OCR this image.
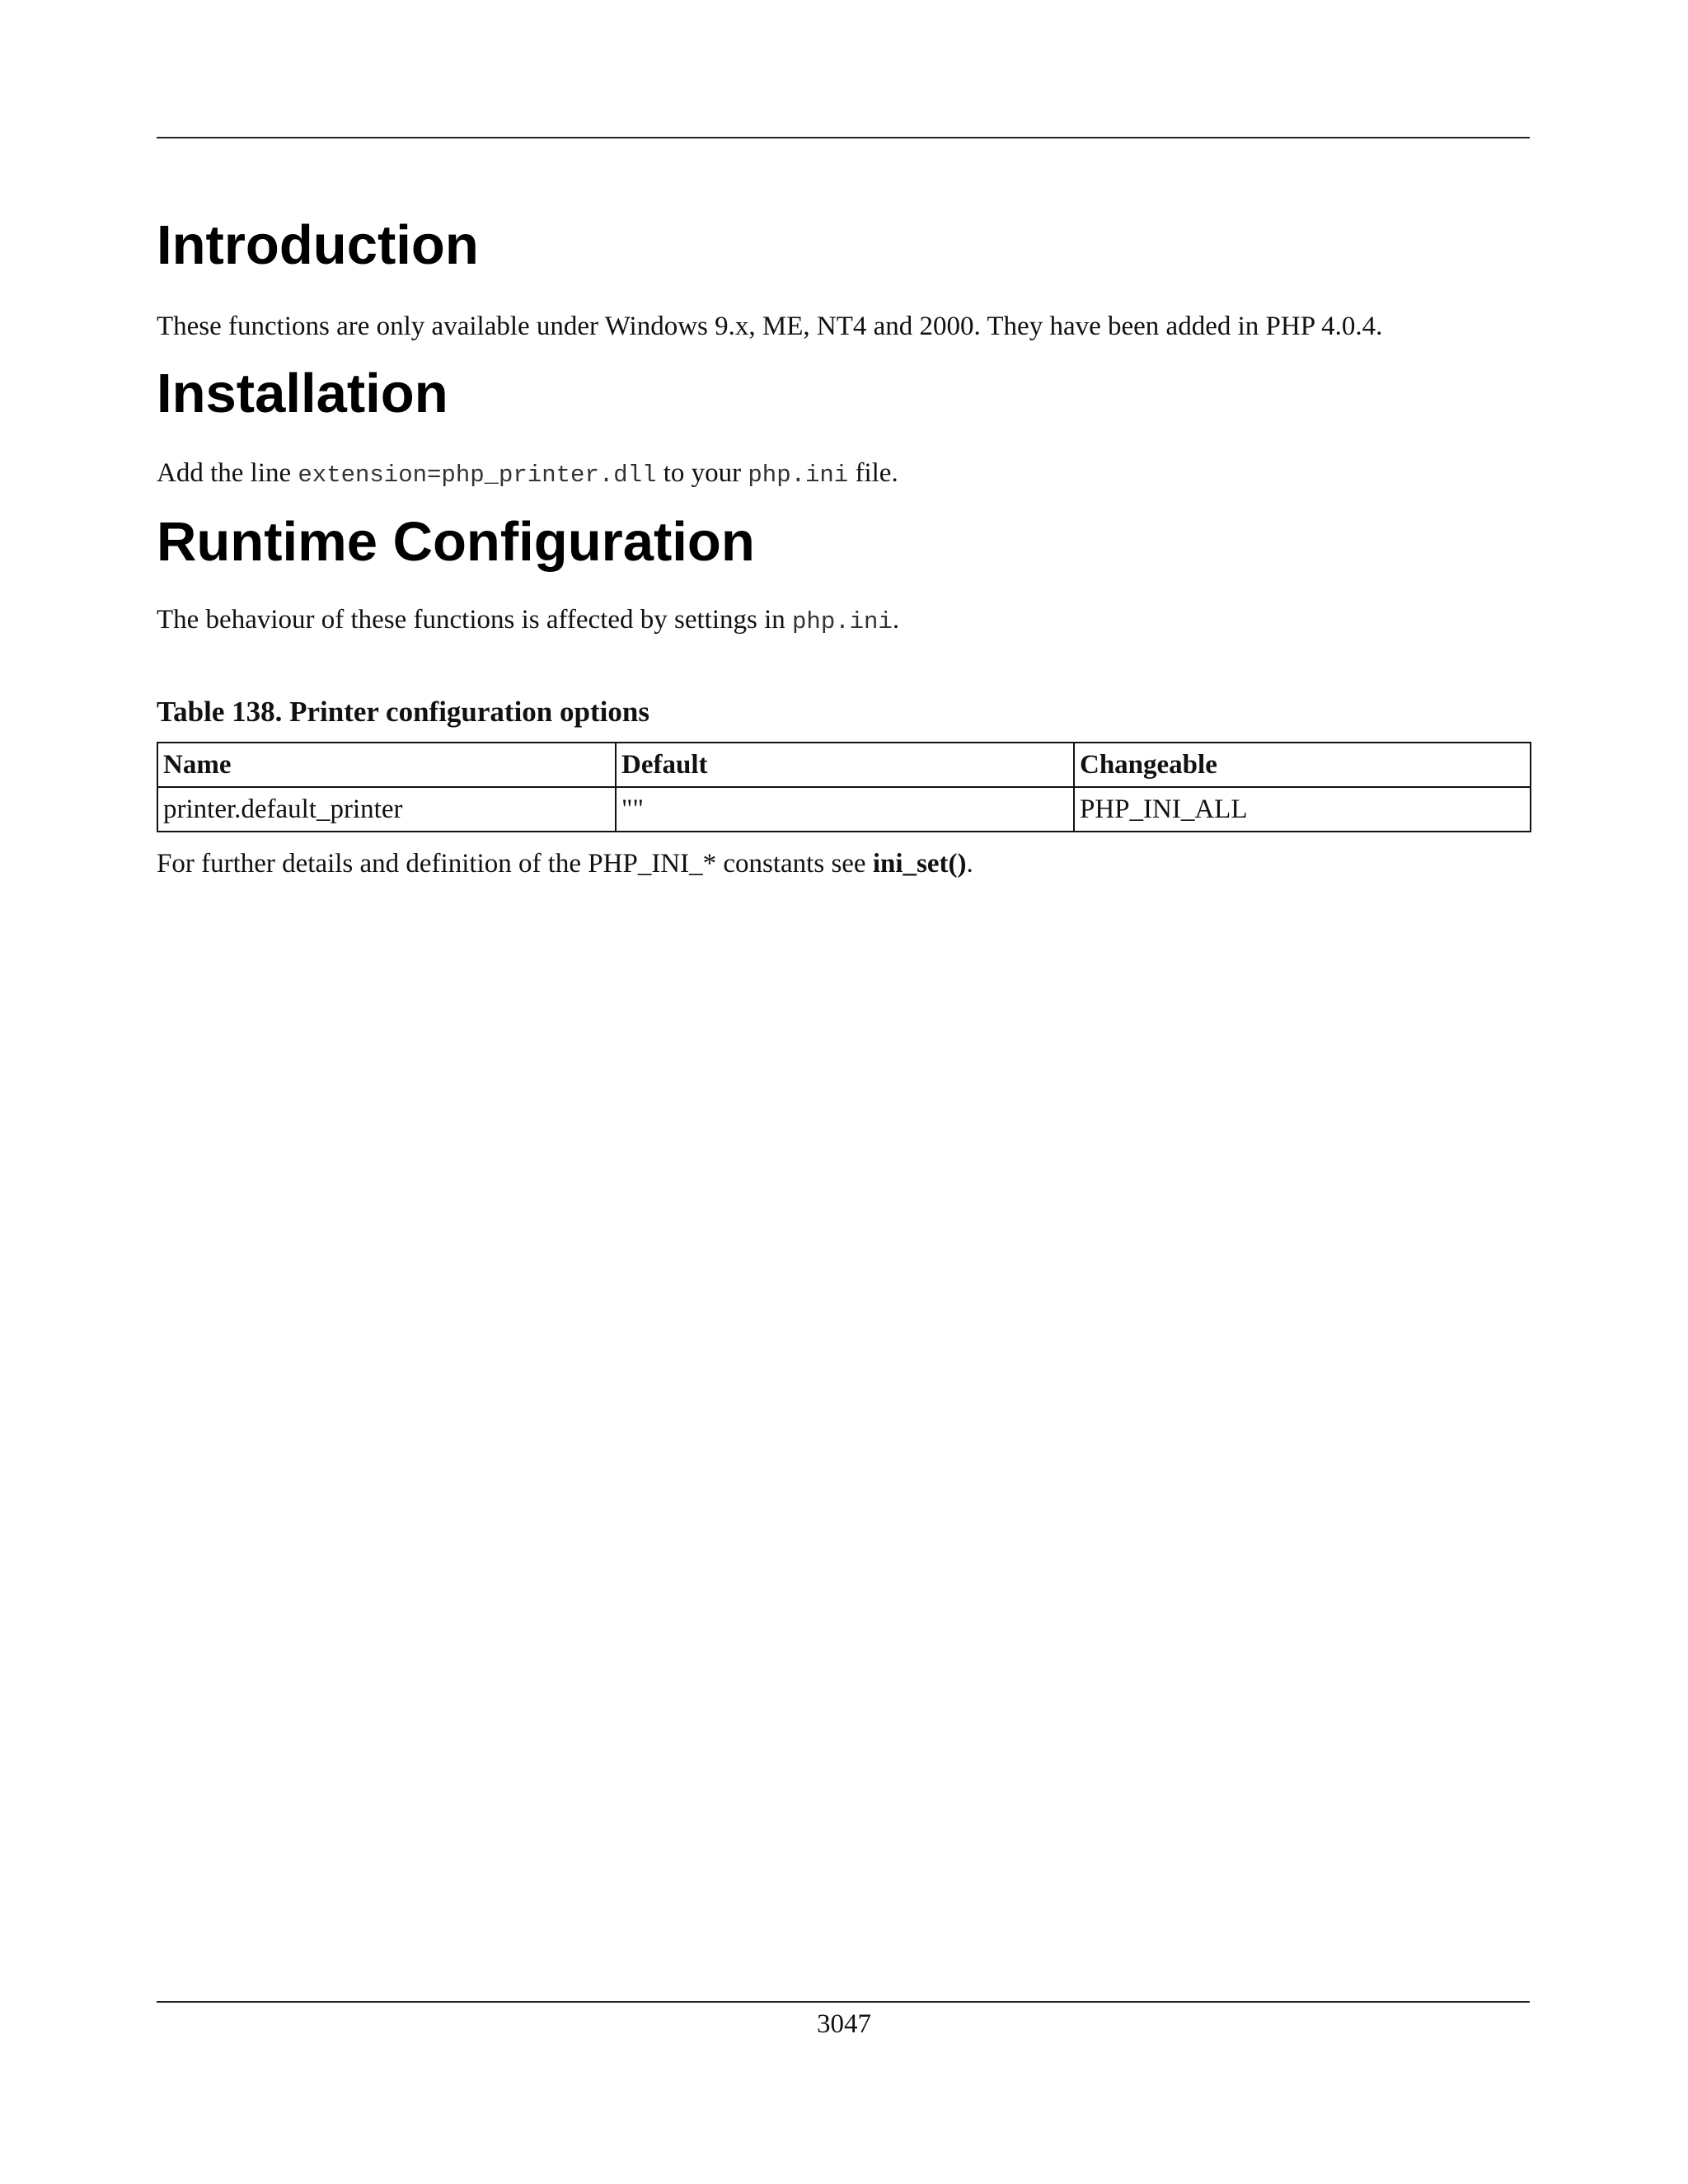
Introduction

These functions are only available under Windows 9.x, ME, NT4 and 2000. They have been added in PHP 4.0.4.

Installation

Add the line extension=php_printer.dll to your php.ini file.

Runtime Configuration

The behaviour of these functions is affected by settings in php.ini.

Table 138. Printer configuration options
Name	Default	Changeable
printer.default_printer	""	PHP_INI_ALL

For further details and definition of the PHP_INI_* constants see ini_set().

3047
